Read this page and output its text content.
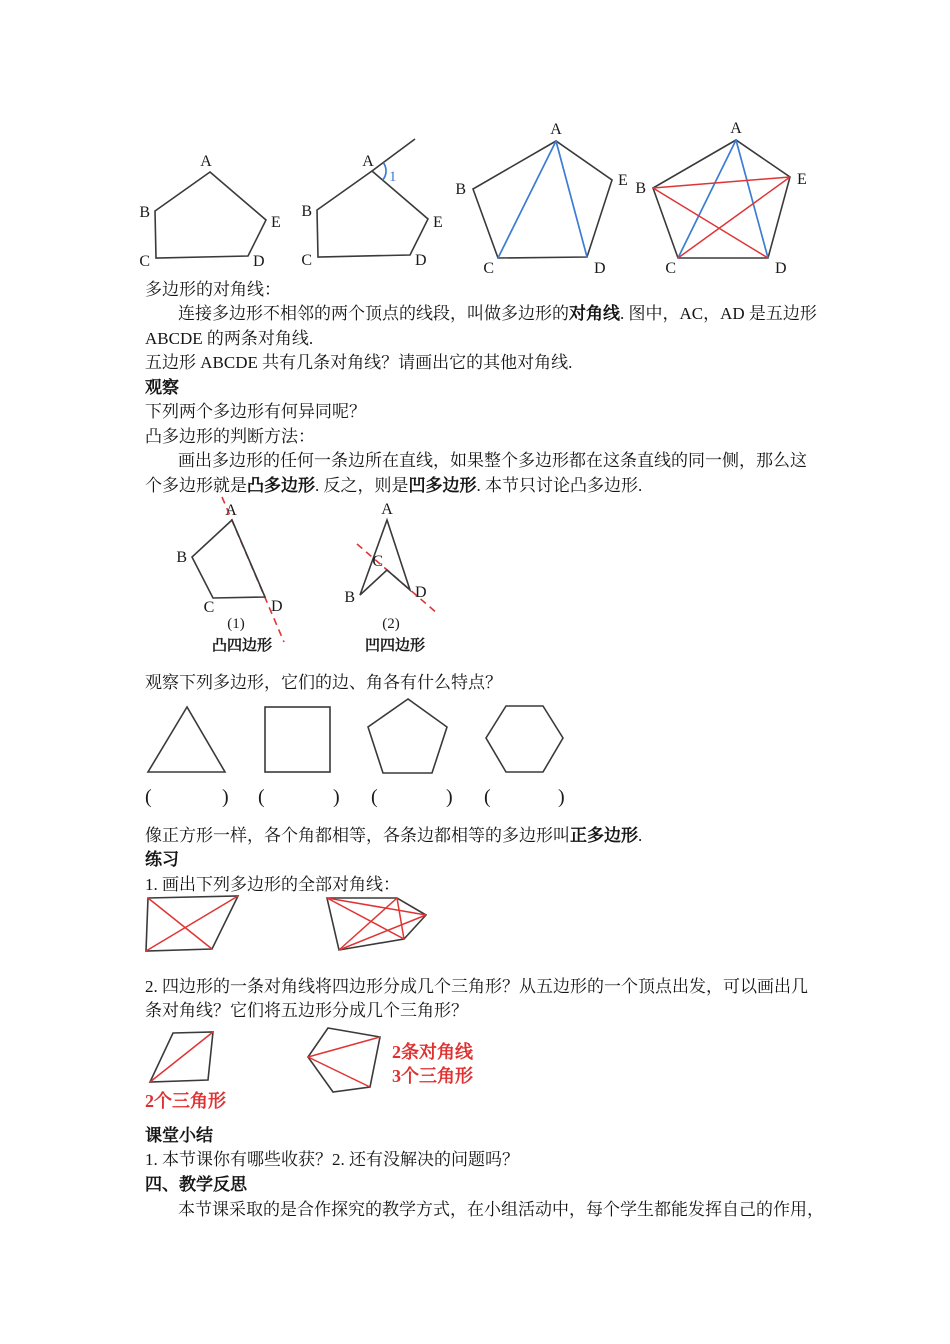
A
B
C	D
E
1
A
B
C	D
E
A
B
C	D
E
A
B
C	D
E
A
B
C	D
(1)
凸四边形
A
B
C
D
(2)
凹四边形
(	) (	) (	) (	)
2个三角形
2条对角线
3个三角形
多边形的对角线：
连接多边形不相邻的两个顶点的线段，叫做多边形的对角线. 图中，AC，AD 是五边形
ABCDE 的两条对角线.
五边形 ABCDE 共有几条对角线？请画出它的其他对角线.
观察
下列两个多边形有何异同呢？
凸多边形的判断方法：
画出多边形的任何一条边所在直线，如果整个多边形都在这条直线的同一侧，那么这
个多边形就是凸多边形. 反之，则是凹多边形. 本节只讨论凸多边形.
观察下列多边形，它们的边、角各有什么特点？
像正方形一样，各个角都相等，各条边都相等的多边形叫正多边形.
练习
1. 画出下列多边形的全部对角线：
2. 四边形的一条对角线将四边形分成几个三角形？从五边形的一个顶点出发，可以画出几
条对角线？它们将五边形分成几个三角形？
课堂小结
1. 本节课你有哪些收获？2. 还有没解决的问题吗？
四、教学反思
本节课采取的是合作探究的教学方式，在小组活动中，每个学生都能发挥自己的作用，
